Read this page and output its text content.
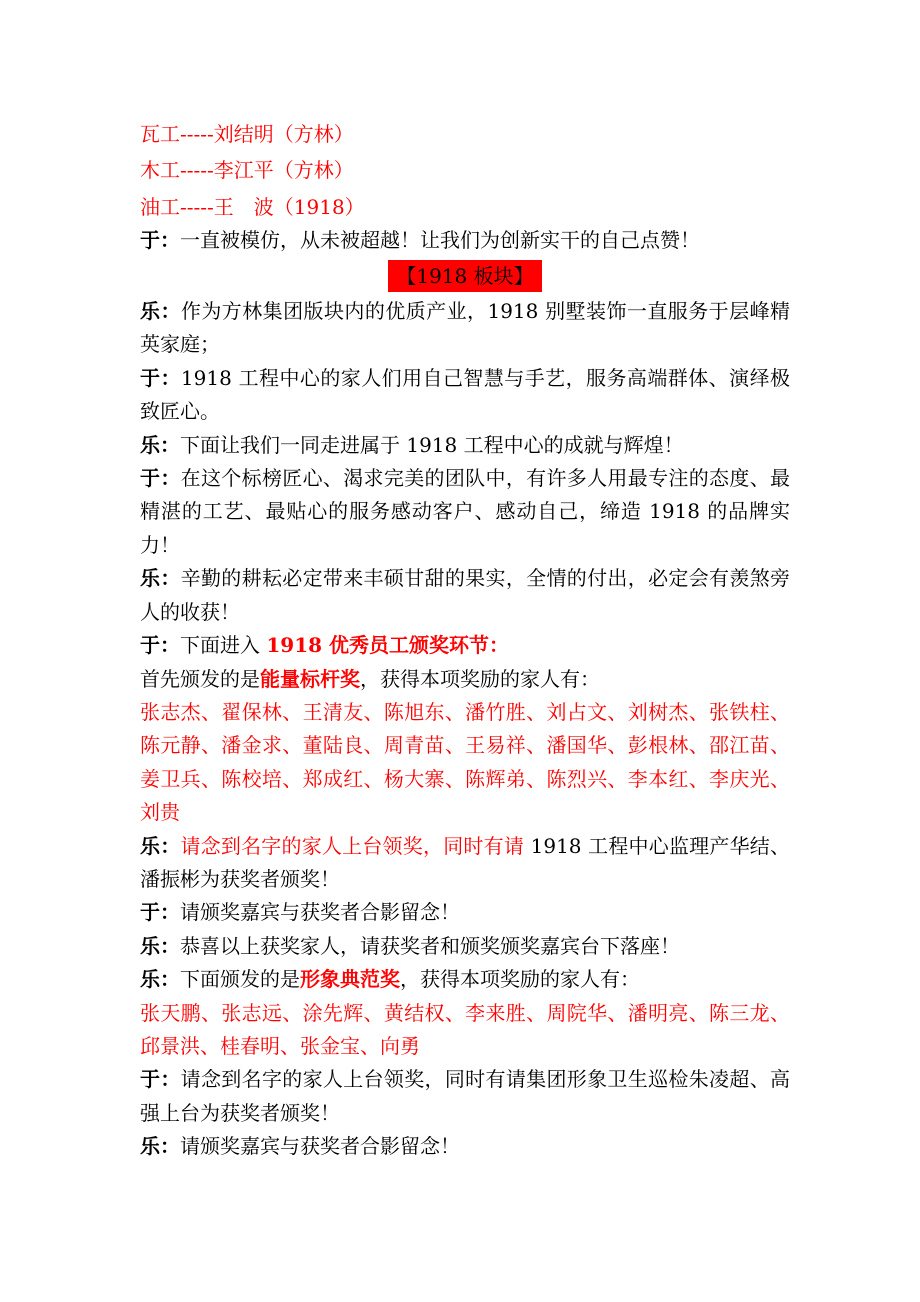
瓦工-----刘结明（方林）
木工-----李江平（方林）
油工-----王　波（1918）
于：一直被模仿，从未被超越！让我们为创新实干的自己点赞！
【1918 板块】
乐：作为方林集团版块内的优质产业，1918 别墅装饰一直服务于层峰精英家庭；
于：1918 工程中心的家人们用自己智慧与手艺，服务高端群体、演绎极致匠心。
乐：下面让我们一同走进属于 1918 工程中心的成就与辉煌！
于：在这个标榜匠心、渴求完美的团队中，有许多人用最专注的态度、最精湛的工艺、最贴心的服务感动客户、感动自己，缔造 1918 的品牌实力！
乐：辛勤的耕耘必定带来丰硕甘甜的果实，全情的付出，必定会有羡煞旁人的收获！
于：下面进入 1918 优秀员工颁奖环节：
首先颁发的是能量标杆奖，获得本项奖励的家人有：
张志杰、翟保林、王清友、陈旭东、潘竹胜、刘占文、刘树杰、张铁柱、陈元静、潘金求、董陆良、周青苗、王易祥、潘国华、彭根林、邵江苗、姜卫兵、陈校培、郑成红、杨大寨、陈辉弟、陈烈兴、李本红、李庆光、刘贵
乐：请念到名字的家人上台领奖，同时有请 1918 工程中心监理产华结、潘振彬为获奖者颁奖！
于：请颁奖嘉宾与获奖者合影留念！
乐：恭喜以上获奖家人，请获奖者和颁奖颁奖嘉宾台下落座！
乐：下面颁发的是形象典范奖，获得本项奖励的家人有：
张天鹏、张志远、涂先辉、黄结权、李来胜、周院华、潘明亮、陈三龙、邱景洪、桂春明、张金宝、向勇
于：请念到名字的家人上台领奖，同时有请集团形象卫生巡检朱凌超、高强上台为获奖者颁奖！
乐：请颁奖嘉宾与获奖者合影留念！
